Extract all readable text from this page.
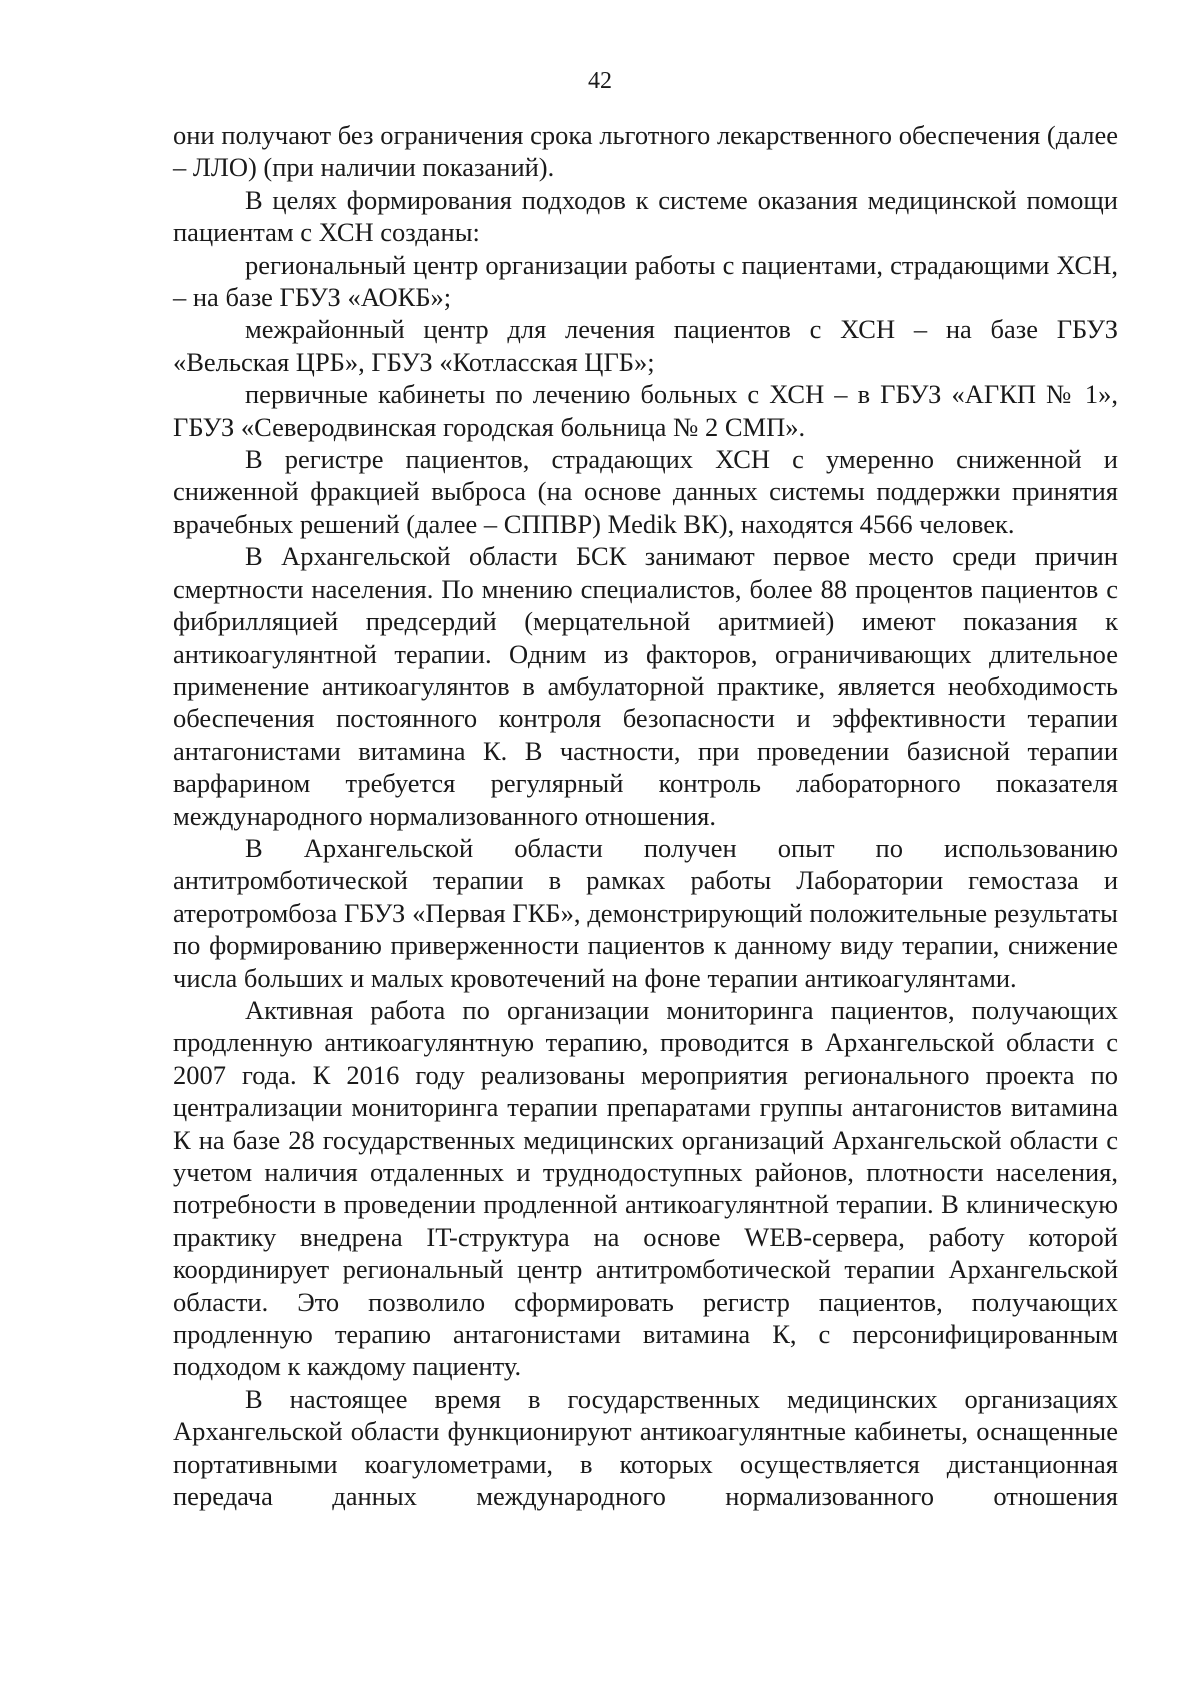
42

они получают без ограничения срока льготного лекарственного обеспечения (далее – ЛЛО) (при наличии показаний).

В целях формирования подходов к системе оказания медицинской помощи пациентам с ХСН созданы:

региональный центр организации работы с пациентами, страдающими ХСН, – на базе ГБУЗ «АОКБ»;

межрайонный центр для лечения пациентов с ХСН – на базе ГБУЗ «Вельская ЦРБ», ГБУЗ «Котласская ЦГБ»;

первичные кабинеты по лечению больных с ХСН – в ГБУЗ «АГКП № 1», ГБУЗ «Северодвинская городская больница № 2 СМП».

В регистре пациентов, страдающих ХСН с умеренно сниженной и сниженной фракцией выброса (на основе данных системы поддержки принятия врачебных решений (далее – СППВР) Medik ВК), находятся 4566 человек.

В Архангельской области БСК занимают первое место среди причин смертности населения. По мнению специалистов, более 88 процентов пациентов с фибрилляцией предсердий (мерцательной аритмией) имеют показания к антикоагулянтной терапии. Одним из факторов, ограничивающих длительное применение антикоагулянтов в амбулаторной практике, является необходимость обеспечения постоянного контроля безопасности и эффективности терапии антагонистами витамина К. В частности, при проведении базисной терапии варфарином требуется регулярный контроль лабораторного показателя международного нормализованного отношения.

В Архангельской области получен опыт по использованию антитромботической терапии в рамках работы Лаборатории гемостаза и атеротромбоза ГБУЗ «Первая ГКБ», демонстрирующий положительные результаты по формированию приверженности пациентов к данному виду терапии, снижение числа больших и малых кровотечений на фоне терапии антикоагулянтами.

Активная работа по организации мониторинга пациентов, получающих продленную антикоагулянтную терапию, проводится в Архангельской области с 2007 года. К 2016 году реализованы мероприятия регионального проекта по централизации мониторинга терапии препаратами группы антагонистов витамина К на базе 28 государственных медицинских организаций Архангельской области с учетом наличия отдаленных и труднодоступных районов, плотности населения, потребности в проведении продленной антикоагулянтной терапии. В клиническую практику внедрена IT-структура на основе WEB-сервера, работу которой координирует региональный центр антитромботической терапии Архангельской области. Это позволило сформировать регистр пациентов, получающих продленную терапию антагонистами витамина К, с персонифицированным подходом к каждому пациенту.

В настоящее время в государственных медицинских организациях Архангельской области функционируют антикоагулянтные кабинеты, оснащенные портативными коагулометрами, в которых осуществляется дистанционная передача данных международного нормализованного отношения
